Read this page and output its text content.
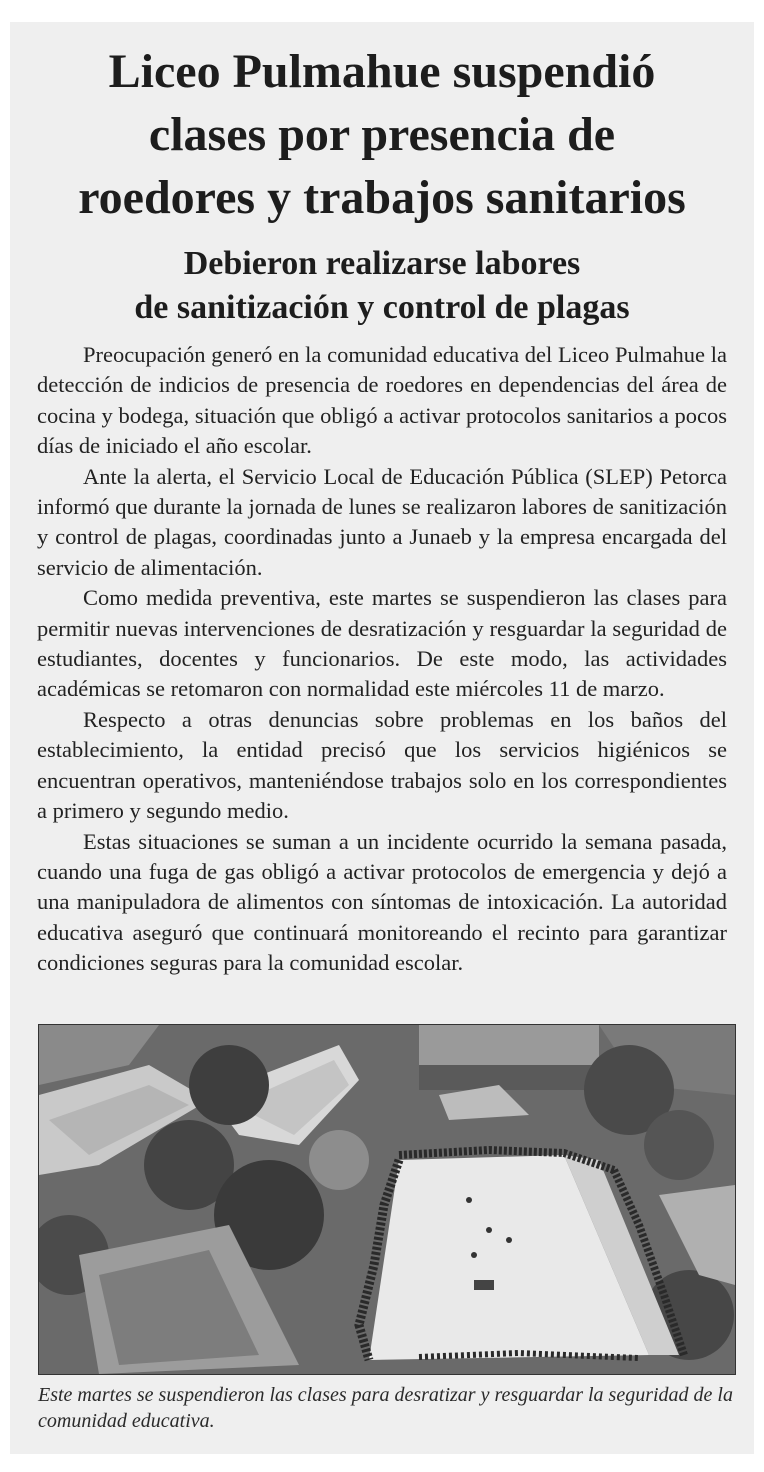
Liceo Pulmahue suspendió
clases por presencia de
roedores y trabajos sanitarios
Debieron realizarse labores
de sanitización y control de plagas

Preocupación generó en la comunidad educativa del Liceo Pulmahue la detección de indicios de presencia de roedores en dependencias del área de cocina y bodega, situación que obligó a activar protocolos sanitarios a pocos días de iniciado el año escolar.

Ante la alerta, el Servicio Local de Educación Pública (SLEP) Petorca informó que durante la jornada de lunes se realizaron labores de sanitización y control de plagas, coordinadas junto a Junaeb y la empresa encargada del servicio de alimentación.

Como medida preventiva, este martes se suspendieron las clases para permitir nuevas intervenciones de desratización y resguardar la seguridad de estudiantes, docentes y funcionarios. De este modo, las actividades académicas se retomaron con normalidad este miércoles 11 de marzo.

Respecto a otras denuncias sobre problemas en los baños del establecimiento, la entidad precisó que los servicios higiénicos se encuentran operativos, manteniéndose trabajos solo en los correspondientes a primero y segundo medio.

Estas situaciones se suman a un incidente ocurrido la semana pasada, cuando una fuga de gas obligó a activar protocolos de emergencia y dejó a una manipuladora de alimentos con síntomas de intoxicación. La autoridad educativa aseguró que continuará monitoreando el recinto para garantizar condiciones seguras para la comunidad escolar.

Este martes se suspendieron las clases para desratizar y resguardar la seguridad de la comunidad educativa.
